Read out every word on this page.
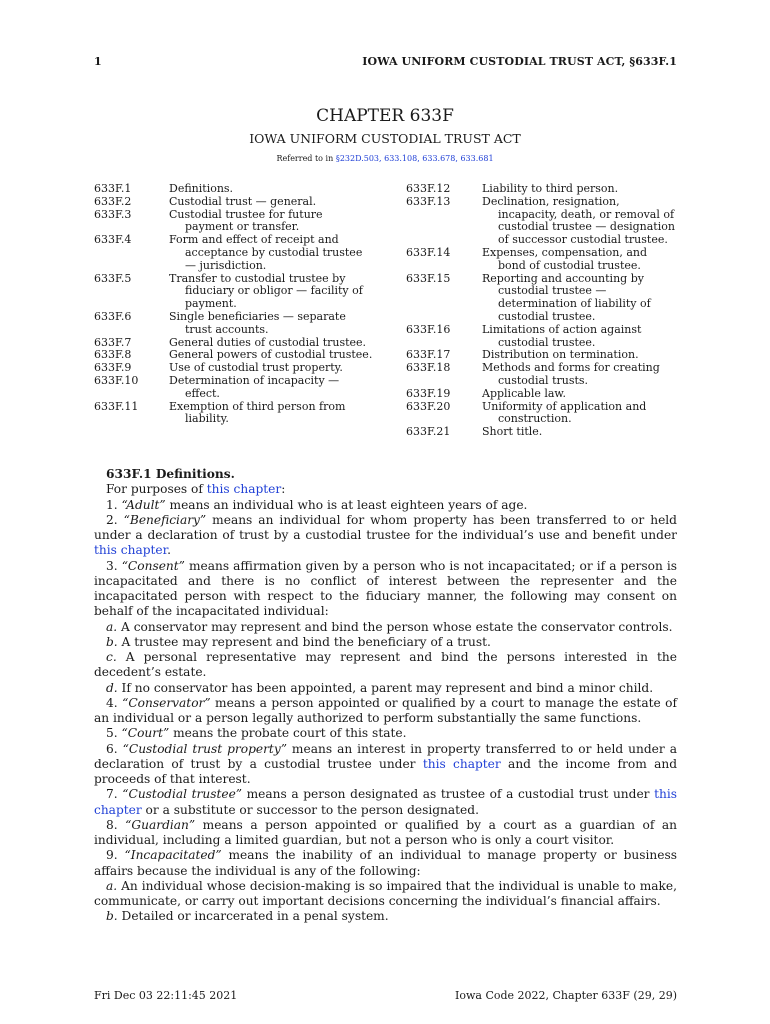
1	IOWA UNIFORM CUSTODIAL TRUST ACT, §633F.1
CHAPTER 633F
IOWA UNIFORM CUSTODIAL TRUST ACT
Referred to in §232D.503, 633.108, 633.678, 633.681
633F.1	Definitions.
633F.2	Custodial trust — general.
633F.3	Custodial trustee for future payment or transfer.
633F.4	Form and effect of receipt and acceptance by custodial trustee — jurisdiction.
633F.5	Transfer to custodial trustee by fiduciary or obligor — facility of payment.
633F.6	Single beneficiaries — separate trust accounts.
633F.7	General duties of custodial trustee.
633F.8	General powers of custodial trustee.
633F.9	Use of custodial trust property.
633F.10	Determination of incapacity — effect.
633F.11	Exemption of third person from liability.
633F.12	Liability to third person.
633F.13	Declination, resignation, incapacity, death, or removal of custodial trustee — designation of successor custodial trustee.
633F.14	Expenses, compensation, and bond of custodial trustee.
633F.15	Reporting and accounting by custodial trustee — determination of liability of custodial trustee.
633F.16	Limitations of action against custodial trustee.
633F.17	Distribution on termination.
633F.18	Methods and forms for creating custodial trusts.
633F.19	Applicable law.
633F.20	Uniformity of application and construction.
633F.21	Short title.

633F.1 Definitions.

For purposes of this chapter:

1. “Adult” means an individual who is at least eighteen years of age.

2. “Beneficiary” means an individual for whom property has been transferred to or held under a declaration of trust by a custodial trustee for the individual’s use and benefit under this chapter.

3. “Consent” means affirmation given by a person who is not incapacitated; or if a person is incapacitated and there is no conflict of interest between the representer and the incapacitated person with respect to the fiduciary manner, the following may consent on behalf of the incapacitated individual:

a. A conservator may represent and bind the person whose estate the conservator controls.

b. A trustee may represent and bind the beneficiary of a trust.

c. A personal representative may represent and bind the persons interested in the decedent’s estate.

d. If no conservator has been appointed, a parent may represent and bind a minor child.

4. “Conservator” means a person appointed or qualified by a court to manage the estate of an individual or a person legally authorized to perform substantially the same functions.

5. “Court” means the probate court of this state.

6. “Custodial trust property” means an interest in property transferred to or held under a declaration of trust by a custodial trustee under this chapter and the income from and proceeds of that interest.

7. “Custodial trustee” means a person designated as trustee of a custodial trust under this chapter or a substitute or successor to the person designated.

8. “Guardian” means a person appointed or qualified by a court as a guardian of an individual, including a limited guardian, but not a person who is only a court visitor.

9. “Incapacitated” means the inability of an individual to manage property or business affairs because the individual is any of the following:

a. An individual whose decision-making is so impaired that the individual is unable to make, communicate, or carry out important decisions concerning the individual’s financial affairs.

b. Detailed or incarcerated in a penal system.

Fri Dec 03 22:11:45 2021	Iowa Code 2022, Chapter 633F (29, 29)
